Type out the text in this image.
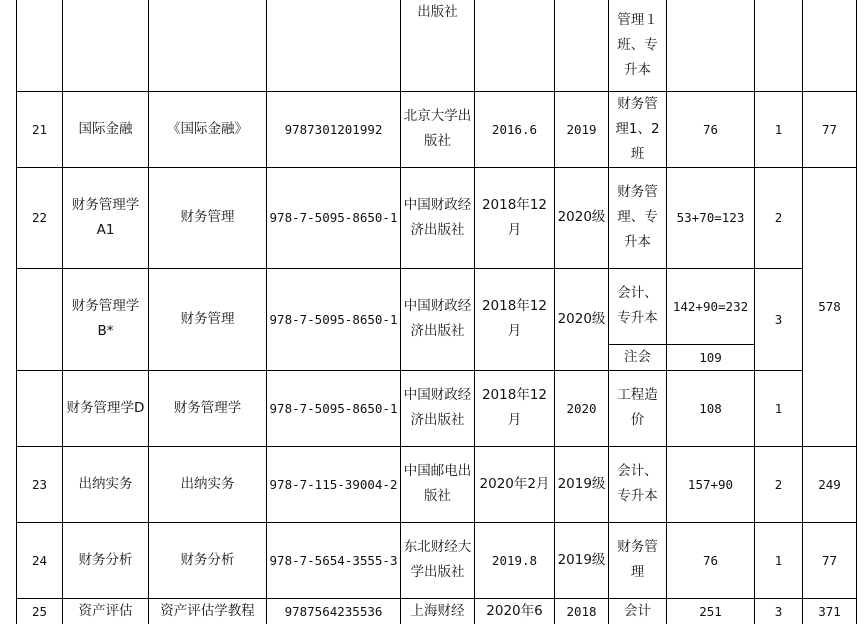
				出版社			管理１班、专升本			
21	国际金融	《国际金融》	9787301201992	北京大学出版社	2016.6	2019	财务管理1、2班	76	1	77
22	财务管理学A1	财务管理	978-7-5095-8650-1	中国财政经济出版社	2018年12月	2020级	财务管理、专升本	53+70=123	2	578
	财务管理学B*	财务管理	978-7-5095-8650-1	中国财政经济出版社	2018年12月	2020级	会计、专升本	142+90=232	3	
							注会	109		
	财务管理学D	财务管理学	978-7-5095-8650-1	中国财政经济出版社	2018年12月	2020	工程造价	108	1	
23	出纳实务	出纳实务	978-7-115-39004-2	中国邮电出版社	2020年2月	2019级	会计、专升本	157+90	2	249
24	财务分析	财务分析	978-7-5654-3555-3	东北财经大学出版社	2019.8	2019级	财务管理	76	1	77
25	资产评估	资产评估学教程	9787564235536	上海财经	2020年6	2018	会计	251	3	371
